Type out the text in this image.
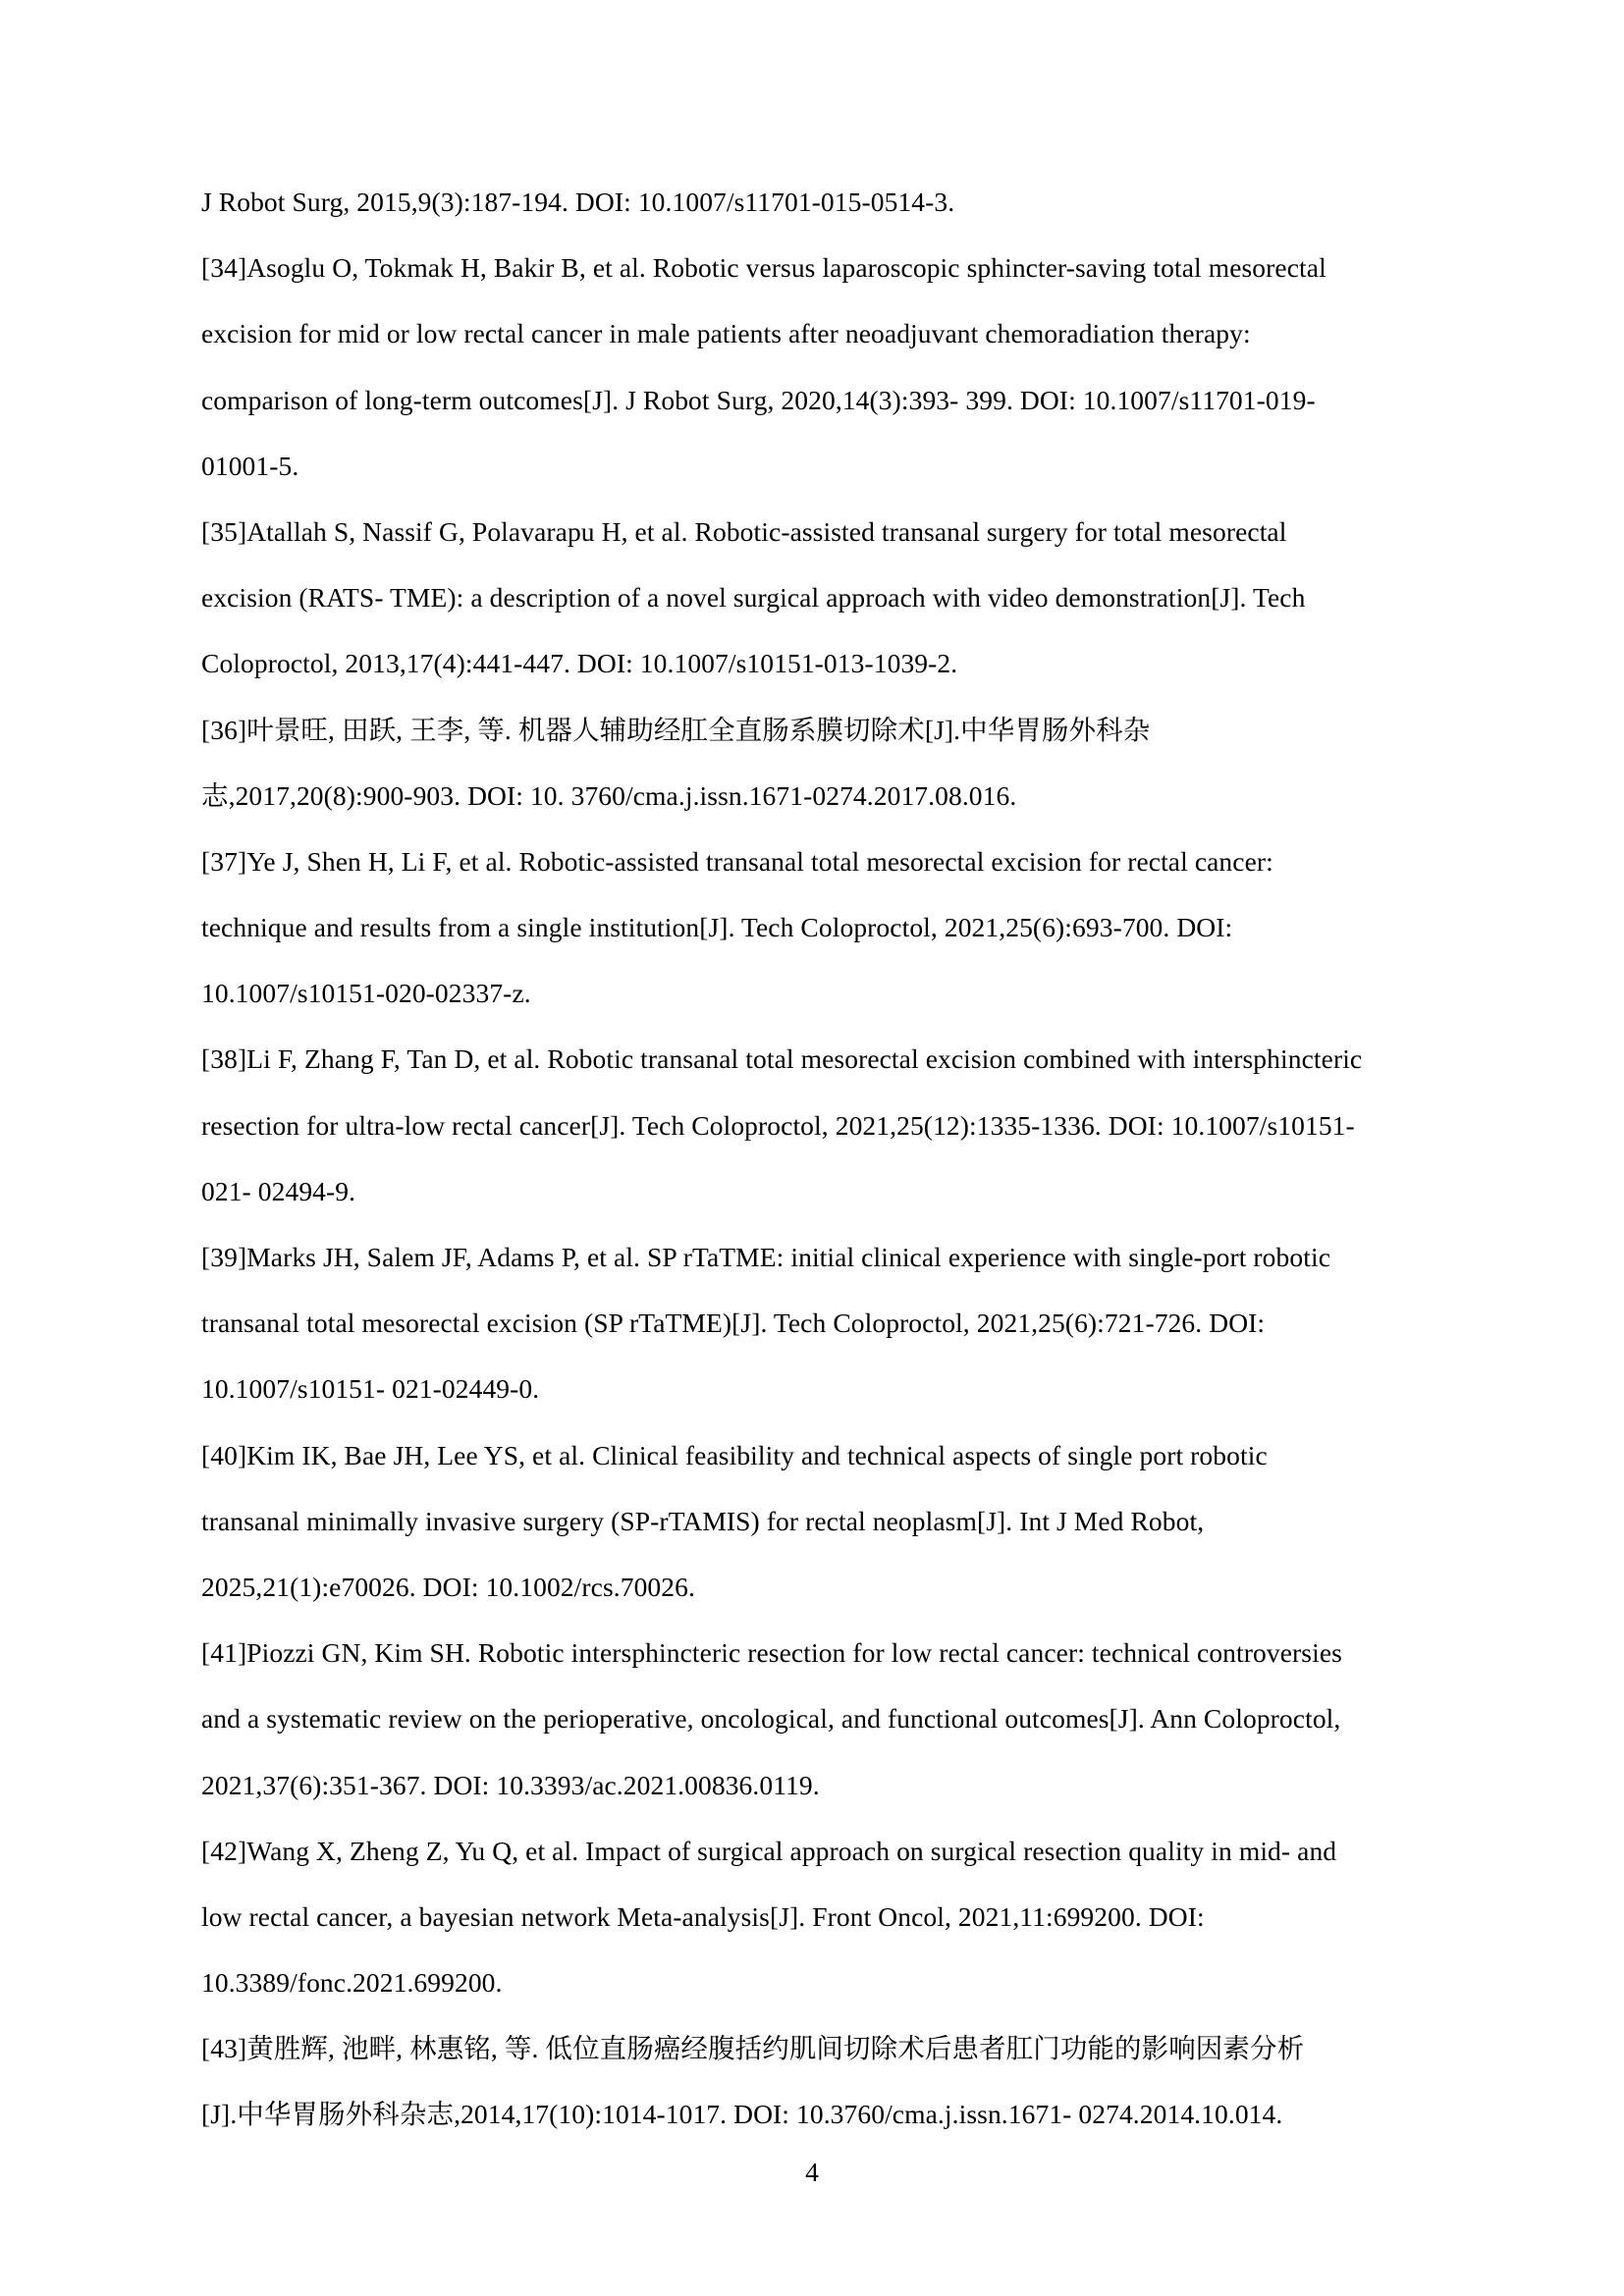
J Robot Surg, 2015,9(3):187-194. DOI: 10.1007/s11701-015-0514-3.
[34]Asoglu O, Tokmak H, Bakir B, et al. Robotic versus laparoscopic sphincter-saving total mesorectal
excision for mid or low rectal cancer in male patients after neoadjuvant chemoradiation therapy:
comparison of long-term outcomes[J]. J Robot Surg, 2020,14(3):393- 399. DOI: 10.1007/s11701-019-
01001-5.
[35]Atallah S, Nassif G, Polavarapu H, et al. Robotic-assisted transanal surgery for total mesorectal
excision (RATS- TME): a description of a novel surgical approach with video demonstration[J]. Tech
Coloproctol, 2013,17(4):441-447. DOI: 10.1007/s10151-013-1039-2.
[36]叶景旺, 田跃, 王李, 等. 机器人辅助经肛全直肠系膜切除术[J].中华胃肠外科杂
志,2017,20(8):900-903. DOI: 10. 3760/cma.j.issn.1671-0274.2017.08.016.
[37]Ye J, Shen H, Li F, et al. Robotic-assisted transanal total mesorectal excision for rectal cancer:
technique and results from a single institution[J]. Tech Coloproctol, 2021,25(6):693-700. DOI:
10.1007/s10151-020-02337-z.
[38]Li F, Zhang F, Tan D, et al. Robotic transanal total mesorectal excision combined with intersphincteric
resection for ultra-low rectal cancer[J]. Tech Coloproctol, 2021,25(12):1335-1336. DOI: 10.1007/s10151-
021- 02494-9.
[39]Marks JH, Salem JF, Adams P, et al. SP rTaTME: initial clinical experience with single-port robotic
transanal total mesorectal excision (SP rTaTME)[J]. Tech Coloproctol, 2021,25(6):721-726. DOI:
10.1007/s10151- 021-02449-0.
[40]Kim IK, Bae JH, Lee YS, et al. Clinical feasibility and technical aspects of single port robotic
transanal minimally invasive surgery (SP-rTAMIS) for rectal neoplasm[J]. Int J Med Robot,
2025,21(1):e70026. DOI: 10.1002/rcs.70026.
[41]Piozzi GN, Kim SH. Robotic intersphincteric resection for low rectal cancer: technical controversies
and a systematic review on the perioperative, oncological, and functional outcomes[J]. Ann Coloproctol,
2021,37(6):351-367. DOI: 10.3393/ac.2021.00836.0119.
[42]Wang X, Zheng Z, Yu Q, et al. Impact of surgical approach on surgical resection quality in mid- and
low rectal cancer, a bayesian network Meta-analysis[J]. Front Oncol, 2021,11:699200. DOI:
10.3389/fonc.2021.699200.
[43]黄胜辉, 池畔, 林惠铭, 等. 低位直肠癌经腹括约肌间切除术后患者肛门功能的影响因素分析
[J].中华胃肠外科杂志,2014,17(10):1014-1017. DOI: 10.3760/cma.j.issn.1671- 0274.2014.10.014.
4
